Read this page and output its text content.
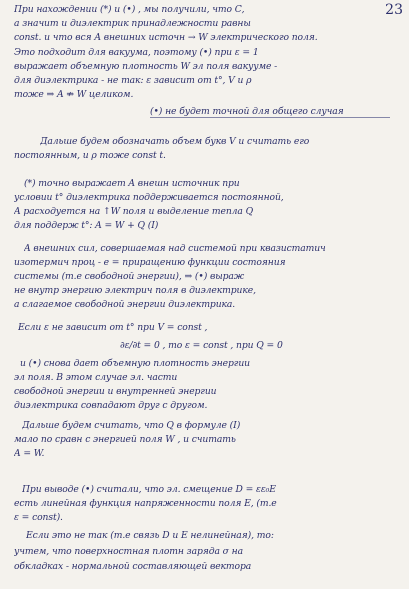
23
При нахождении (*) и (•) , мы получили, что С,
а значит и диэлектрик принадлежности равны
const. и что вся A внешних источн → W электрического поля.
Это подходит для вакуума, поэтому (•) при ε = 1
выражает объемную плотность W эл поля вакууме -
для диэлектрика - не так: ε зависит от t°, V и ρ
тоже ⇒ A ⇏ W целиком.
(•) не будет точной для общего случая
Дальше будем обозначать объем букв V и считать его
постоянным, и ρ тоже const t.
(*) точно выражает A внешн источник при
условии t° диэлектрика поддерживается постоянной,
A расходуется на ↑W поля и выделение тепла Q
для поддерж t°: A = W + Q (I)
A внешних сил, совершаемая над системой при квазистатич
изотермич проц - е = приращению функции состояния
системы (т.е свободной энергии), ⇒ (•) выраж
не внутр энергию электрич поля в диэлектрике,
а слагаемое свободной энергии диэлектрика.
Если ε не зависит от t° при V = const ,
∂ε/∂t = 0 , то ε = const , при Q = 0
и (•) снова дает объемную плотность энергии
эл поля. В этом случае эл. части
свободной энергии и внутренней энергии
диэлектрика совпадают друг с другом.
Дальше будем считать, что Q в формуле (I)
мало по сравн с энергией поля W , и считать
A = W.
При выводе (•) считали, что эл. смещение D = εε₀E
есть линейная функция напряженности поля E, (т.е
ε = const).
Если это не так (т.е связь D и E нелинейная), то:
учтем, что поверхностная плотн заряда σ на
обкладках - нормальной составляющей вектора
